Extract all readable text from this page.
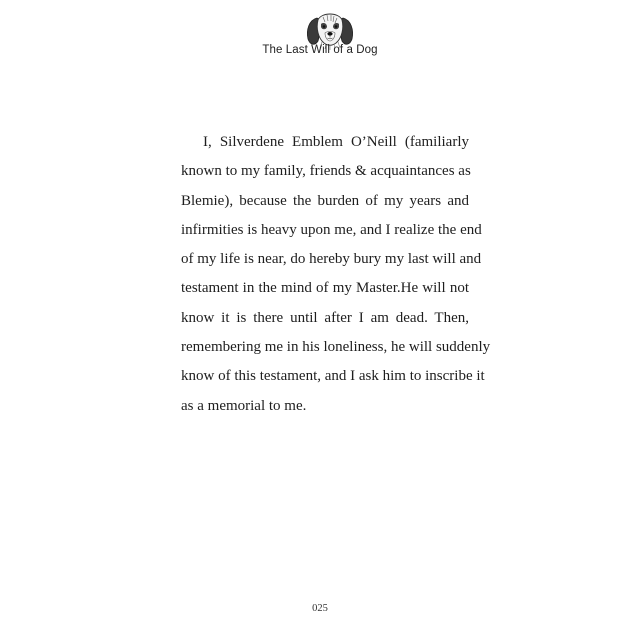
The Last Will of a Dog
I, Silverdene Emblem O’Neill (familiarly
known to my family, friends & acquaintances as
Blemie), because the burden of my years and
infirmities is heavy upon me, and I realize the end
of my life is near, do hereby bury my last will and
testament in the mind of my Master.He will not
know it is there until after I am dead. Then,
remembering me in his loneliness, he will suddenly
know of this testament, and I ask him to inscribe it
as a memorial to me.
025
